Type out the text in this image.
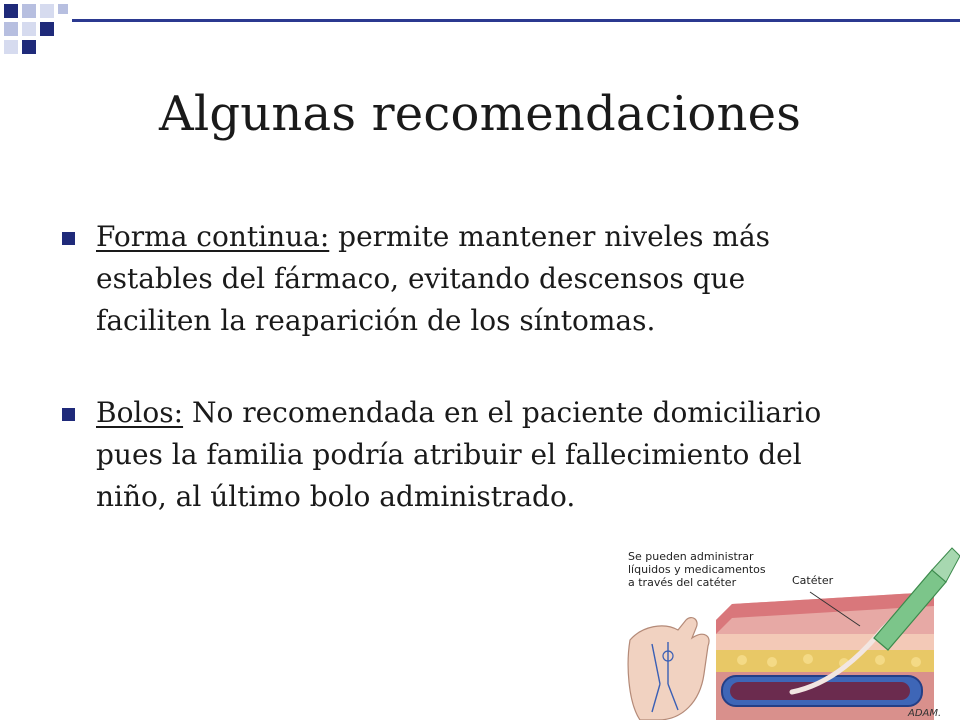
Algunas recomendaciones
Forma continua: permite mantener niveles más estables del fármaco, evitando descensos que faciliten la reaparición de los síntomas.
Bolos: No recomendada en el paciente domiciliario pues la familia podría atribuir el fallecimiento del niño, al último bolo administrado.
Se pueden administrar
líquidos y medicamentos
a través del catéter	Catéter
ADAM.
